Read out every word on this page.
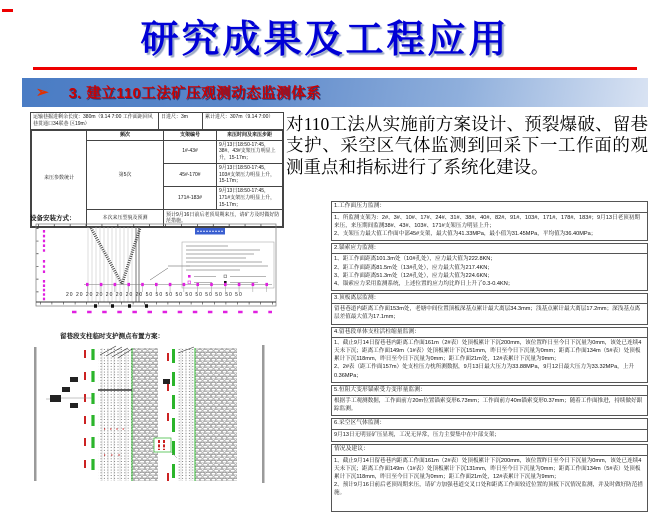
研究成果及工程应用
➢ 3. 建立110工法矿压观测动态监测体系
运输巷掘进剩余长度：380m（9.14 7:00 工作面距回风巷贯通口34联巷 区19m）
日进尺：3m	累计进尺：307m（9.14 7:00）
来压参数统计	频次	支架编号	来压时间及来压步距
	第5次	1#-43#	9月13日18:50-17:45，38#、43#支架压力明显上升，15-17m；
		45#-170#	9月13日18:50-17:45，103#支架压力明显上升，15-17m；
		171#-183#	9月13日18:50-17:45，171#支架压力明显上升，15-17m；
	本次来压型貌及预测	预计9月16日前后老顶周期来压，请矿方及时做好防范措施。	
设备安装方式：
20 20 20 20 20 20 20 20 50 50 50 50 50 50 50 50 50 50
留巷段支柱临时支护测点布置方案：
对110工法从实施前方案设计、预裂爆破、留巷支护、采空区气体监测到回采下一工作面的观测重点和指标进行了系统化建设。
1.工作面压力监测：
1、所监测支架为：2#、3#、10#、17#、24#、31#、38#、40#、82#、91#、103#、171#、178#、183#；9月13日老顶初期来压，来压期间监测38#、43#、103#、171#支架压力明显上升；
2、支架压力最大值工作面中部45#支架，最大值为41.33MPa，最小值为31.45MPa，平均值为36.40MPa；
2.锚索应力监测：
1、距工作面距离101.3m处（10#孔处），应力最大值为222.8KN；
2、距工作面距离81.5m处（13#孔处），应力最大值为217.4KN；
3、距工作面距离51.3m处（12#孔处），应力最大值为224.6KN；
4、锚索应力采用监测系统，上述位置的应力均比昨日上升了0.3-0.4KN；
3.顶板离层监测：
留巷巷道内距离工作面153m处，老塘中间位置顶板深基点累计最大离层34.3mm；浅基点累计最大离层17.2mm；深浅基点离层差值最大值为17.1mm；
4.留巷段单体支柱活柱缩量监测：
1、截止9月14日留巷巷内距离工作面161m（2#表）处顶板累计下沉200mm，该位置昨日至今日下沉量为0mm，该处已连续4天未下沉；距离工作面149m（1#表）处顶板累计下沉151mm，昨日至今日下沉量为0mm；距离工作面134m（5#表）处顶板累计下沉118mm，昨日至今日下沉量为0mm；距工作面21m处，12#表累计下沉量为9mm；
2、2#表（距工作面157m）处支柱压力枕所测数据，9月13日最大压力为33.88MPa，9月12日最大压力为33.32MPa，上升0.36MPa；
5.恒阻大变形锚索受力变形量监测：
根据手工观测数据，工作面前方20m位置锚索变形6.73mm；工作面前方40m锚索变形0.37mm；随着工作面推进，持续做好跟踪监测。
6.采空区气体监测：
9月13日无明显矿压显现，工况无异常，压力主要集中在中部支架；
情况及建议：
1、截止9月14日留巷巷内距离工作面161m（2#表）处顶板累计下沉200mm，该位置昨日至今日下沉量为0mm，该处已连续4天未下沉；距离工作面149m（1#表）处顶板累计下沉131mm，昨日至今日下沉量为0mm；距离工作面134m（5#表）处顶板累计下沉118mm，昨日至今日下沉量为0mm；距工作面21m处，12#表累计下沉量为9mm；
2、预计9月16日前后老顶周期来压，请矿方加强巷道交叉口处和距离工作面较近位置的顶板下沉情况监测，并及时做好防范措施。
